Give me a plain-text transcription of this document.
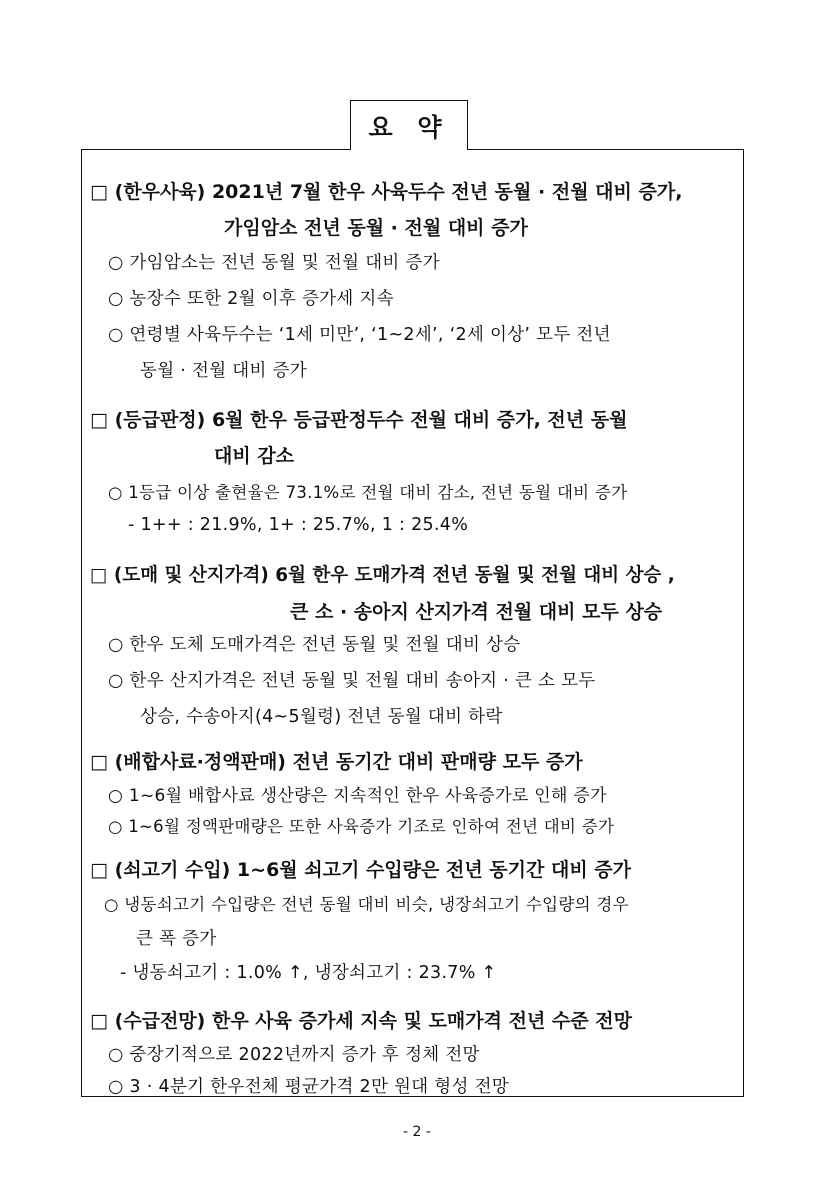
요 약
□ (한우사육) 2021년 7월 한우 사육두수 전년 동월 · 전월 대비 증가,
가임암소 전년 동월 · 전월 대비 증가
○ 가임암소는 전년 동월 및 전월 대비 증가
○ 농장수 또한 2월 이후 증가세 지속
○ 연령별 사육두수는 ‘1세 미만’, ‘1~2세’, ‘2세 이상’ 모두 전년
동월 · 전월 대비 증가
□ (등급판정) 6월 한우 등급판정두수 전월 대비 증가, 전년 동월
대비 감소
○ 1등급 이상 출현율은 73.1%로 전월 대비 감소, 전년 동월 대비 증가
- 1++ : 21.9%, 1+ : 25.7%, 1 : 25.4%
□ (도매 및 산지가격) 6월 한우 도매가격 전년 동월 및 전월 대비 상승 ,
큰 소 · 송아지 산지가격 전월 대비 모두 상승
○ 한우 도체 도매가격은 전년 동월 및 전월 대비 상승
○ 한우 산지가격은 전년 동월 및 전월 대비 송아지 · 큰 소 모두
상승, 수송아지(4~5월령) 전년 동월 대비 하락
□ (배합사료·정액판매) 전년 동기간 대비 판매량 모두 증가
○ 1~6월 배합사료 생산량은 지속적인 한우 사육증가로 인해 증가
○ 1~6월 정액판매량은 또한 사육증가 기조로 인하여 전년 대비 증가
□ (쇠고기 수입) 1~6월 쇠고기 수입량은 전년 동기간 대비 증가
○ 냉동쇠고기 수입량은 전년 동월 대비 비슷, 냉장쇠고기 수입량의 경우
큰 폭 증가
- 냉동쇠고기 : 1.0% ↑, 냉장쇠고기 : 23.7% ↑
□ (수급전망) 한우 사육 증가세 지속 및 도매가격 전년 수준 전망
○ 중장기적으로 2022년까지 증가 후 정체 전망
○ 3 · 4분기 한우전체 평균가격 2만 원대 형성 전망
- 2 -
